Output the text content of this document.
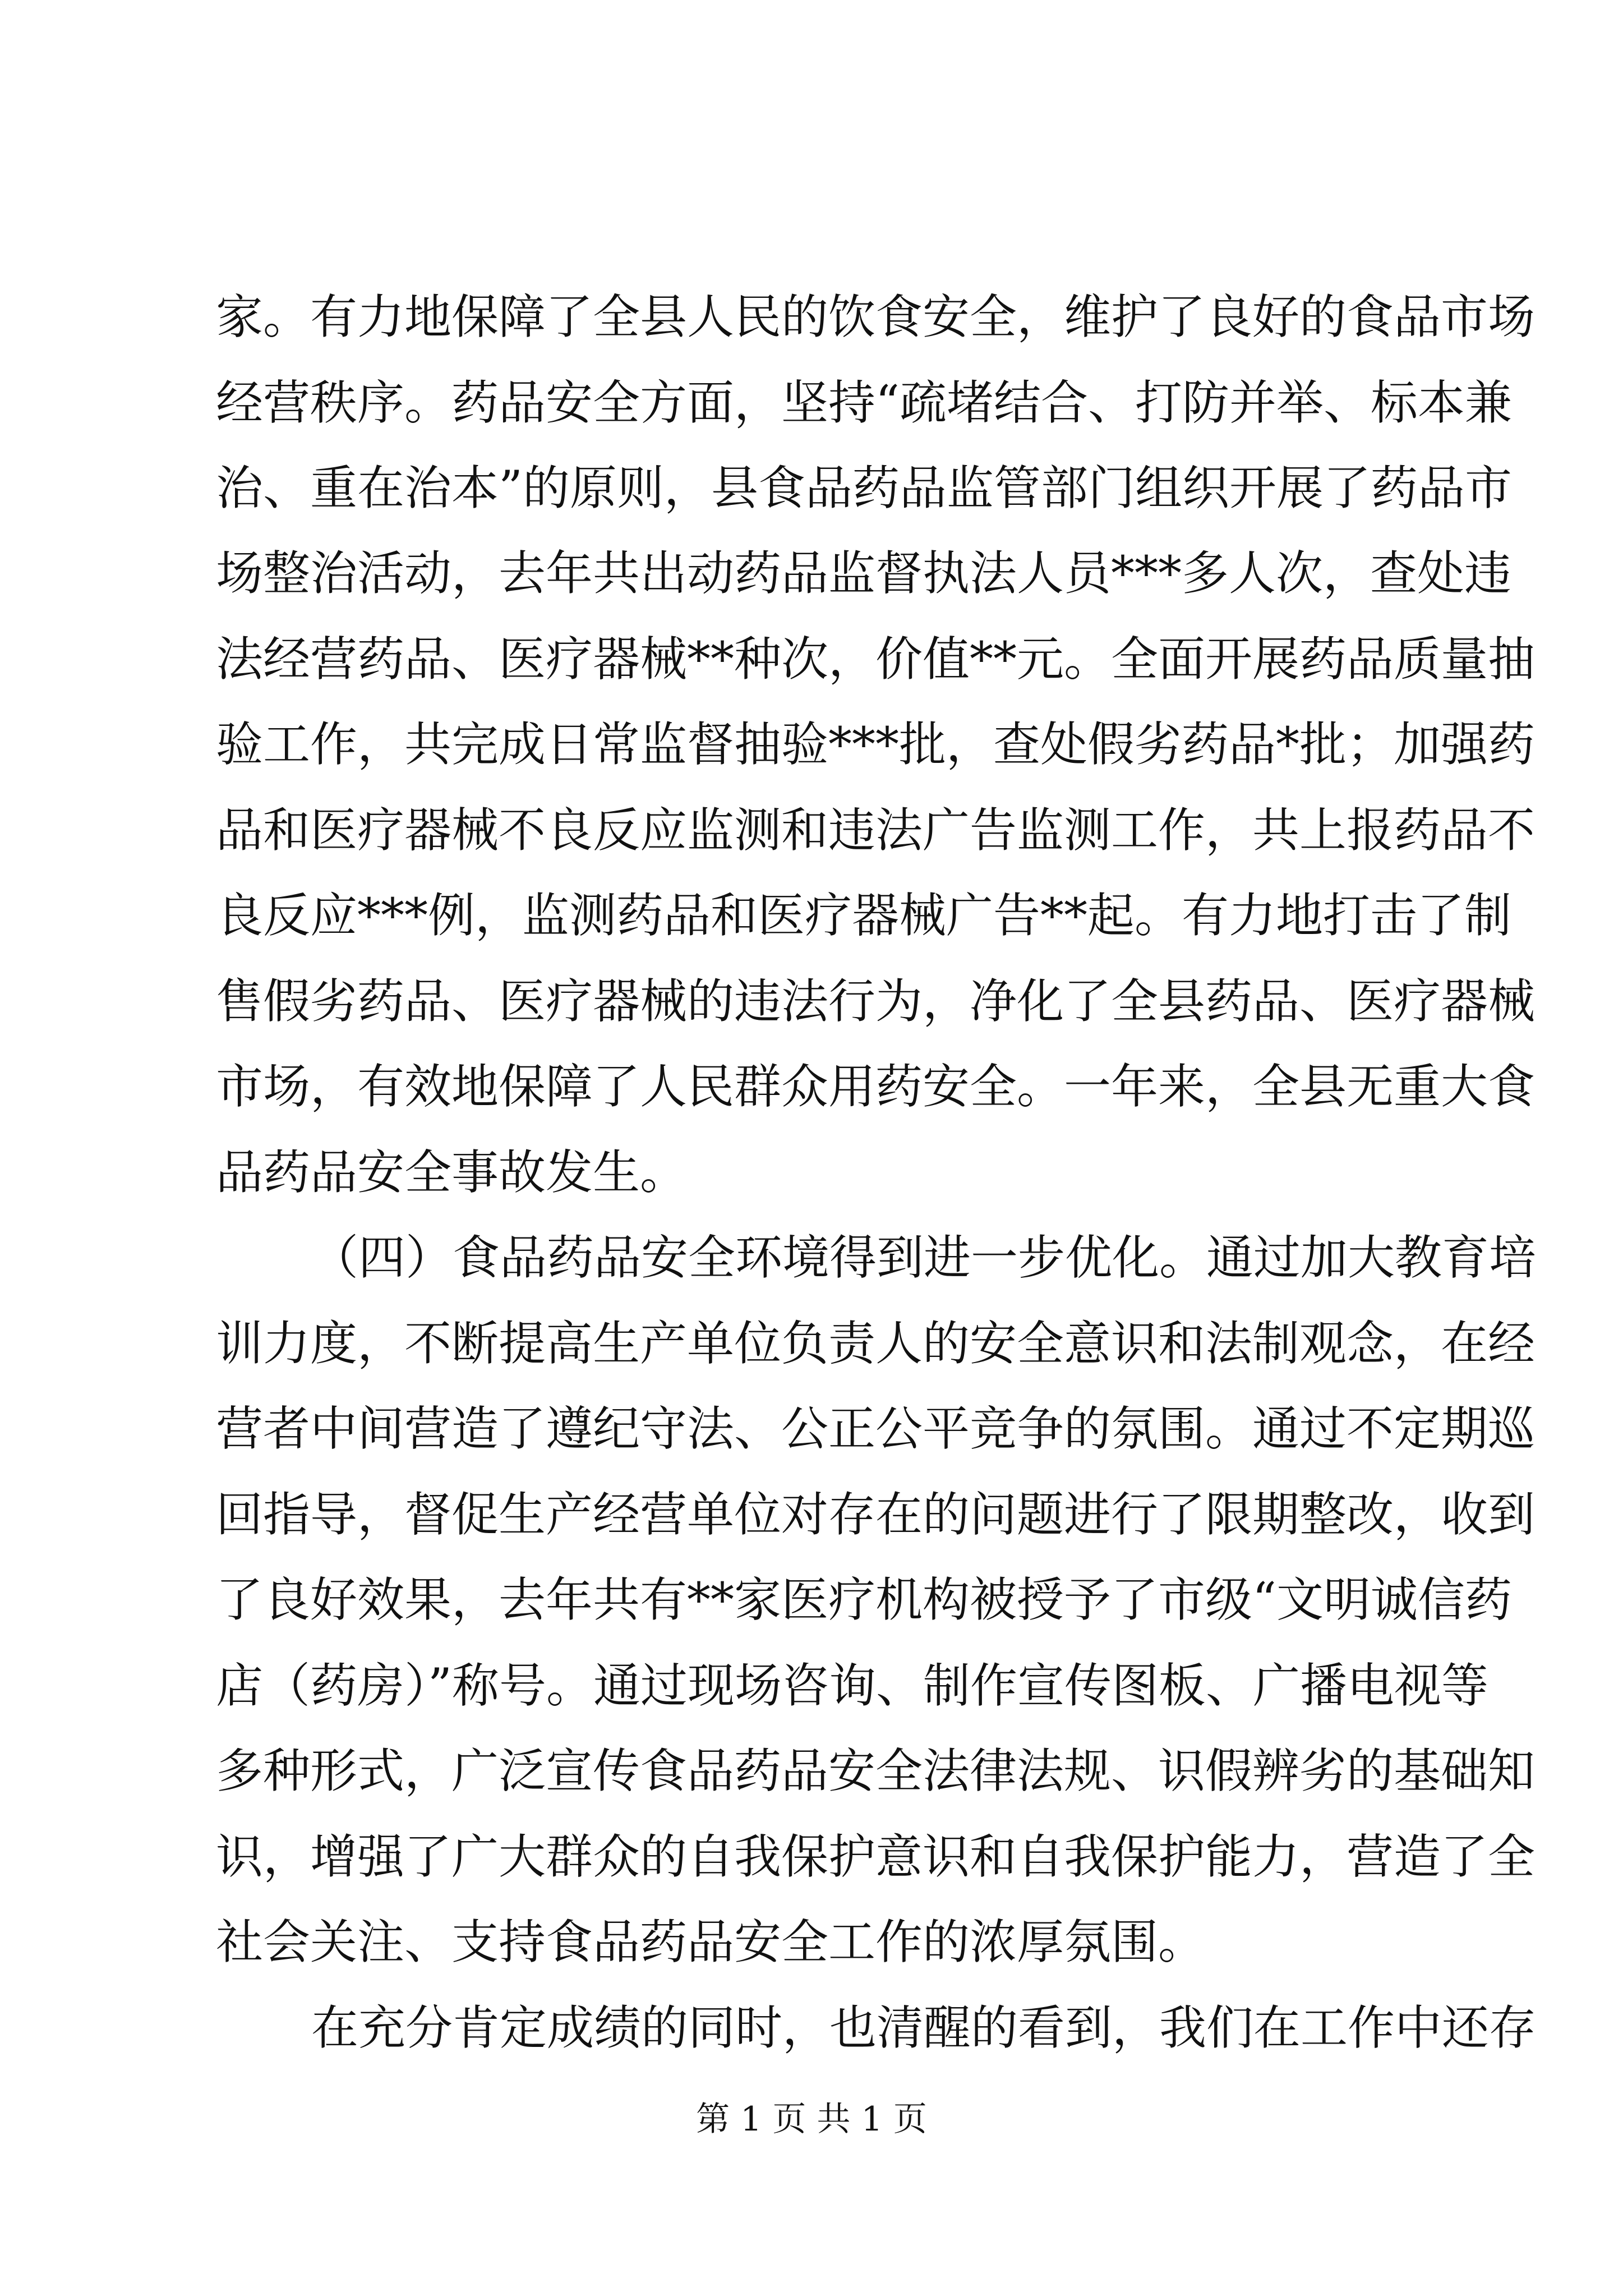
家。有力地保障了全县人民的饮食安全，维护了良好的食品市场

经营秩序。药品安全方面，坚持“疏堵结合、打防并举、标本兼

治、重在治本”的原则，县食品药品监管部门组织开展了药品市

场整治活动，去年共出动药品监督执法人员***多人次，查处违

法经营药品、医疗器械**种次，价值**元。全面开展药品质量抽

验工作，共完成日常监督抽验***批，查处假劣药品*批；加强药

品和医疗器械不良反应监测和违法广告监测工作，共上报药品不

良反应***例，监测药品和医疗器械广告**起。有力地打击了制

售假劣药品、医疗器械的违法行为，净化了全县药品、医疗器械

市场，有效地保障了人民群众用药安全。一年来，全县无重大食

品药品安全事故发生。

（四）食品药品安全环境得到进一步优化。通过加大教育培

训力度，不断提高生产单位负责人的安全意识和法制观念，在经

营者中间营造了遵纪守法、公正公平竞争的氛围。通过不定期巡

回指导，督促生产经营单位对存在的问题进行了限期整改，收到

了良好效果，去年共有**家医疗机构被授予了市级“文明诚信药

店（药房）”称号。通过现场咨询、制作宣传图板、广播电视等

多种形式，广泛宣传食品药品安全法律法规、识假辨劣的基础知

识，增强了广大群众的自我保护意识和自我保护能力，营造了全

社会关注、支持食品药品安全工作的浓厚氛围。

在充分肯定成绩的同时，也清醒的看到，我们在工作中还存

第 1 页 共 1 页
